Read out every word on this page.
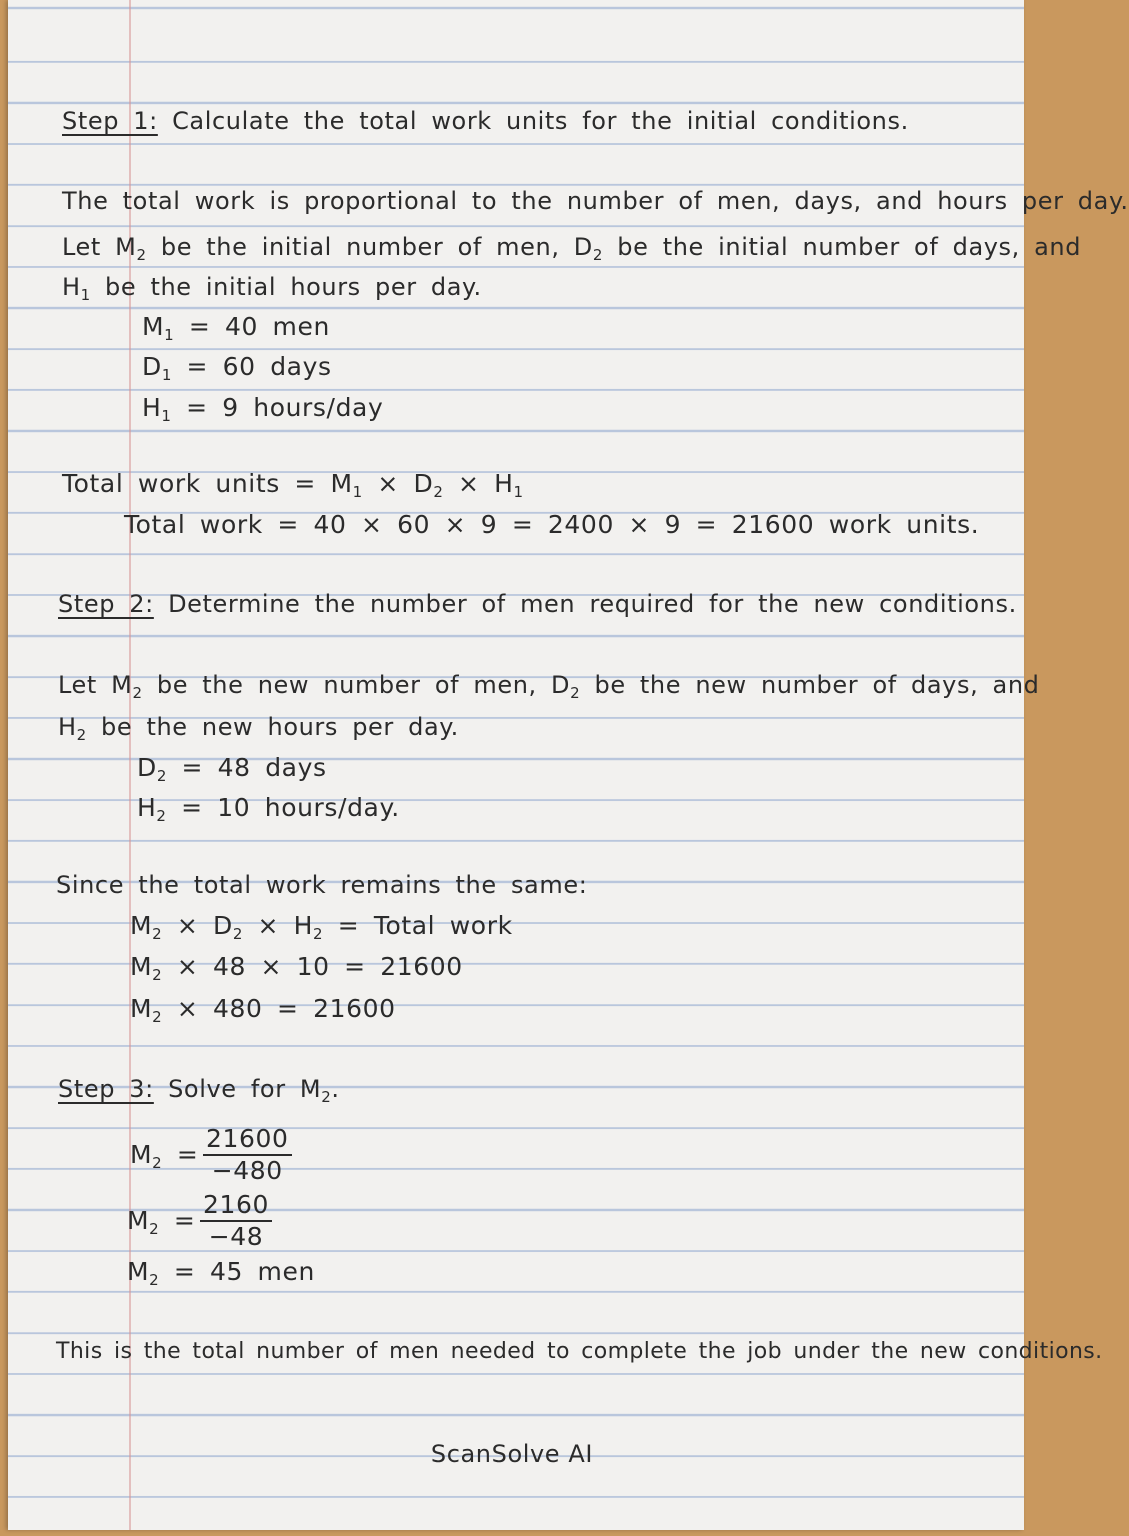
Step 1: Calculate the total work units for the initial conditions.
The total work is proportional to the number of men, days, and hours per day.
Let $M_2$ be the initial number of men, $D_2$ be the initial number of days, and
$H_1$ be the initial hours per day.
$M_1 = 40$ men
$D_1 = 60$ days
$H_1 = 9$ hours/day
Total work units = $M_1 \times D_2 \times H_1$
Total work = 40 × 60 × 9 = 2400 × 9 = 21600 work units.
Step 2: Determine the number of men required for the new conditions.
Let $M_2$ be the new number of men, $D_2$ be the new number of days, and
$H_2$ be the new hours per day.
$D_2 = 48$ days
$H_2 = 10$ hours/day.
Since the total work remains the same:
$M_2 \times D_2 \times H_2$ = Total work
$M_2 \times 48 \times 10 = 21600$
$M_2 \times 480 = 21600$
Step 3: Solve for $M_2$.
$M_2 = \frac{21600}{-480}$
$M_2 = \frac{2160}{-48}$
$M_2 = 45$ men
This is the total number of men needed to complete the job under the new conditions.
ScanSolve AI
